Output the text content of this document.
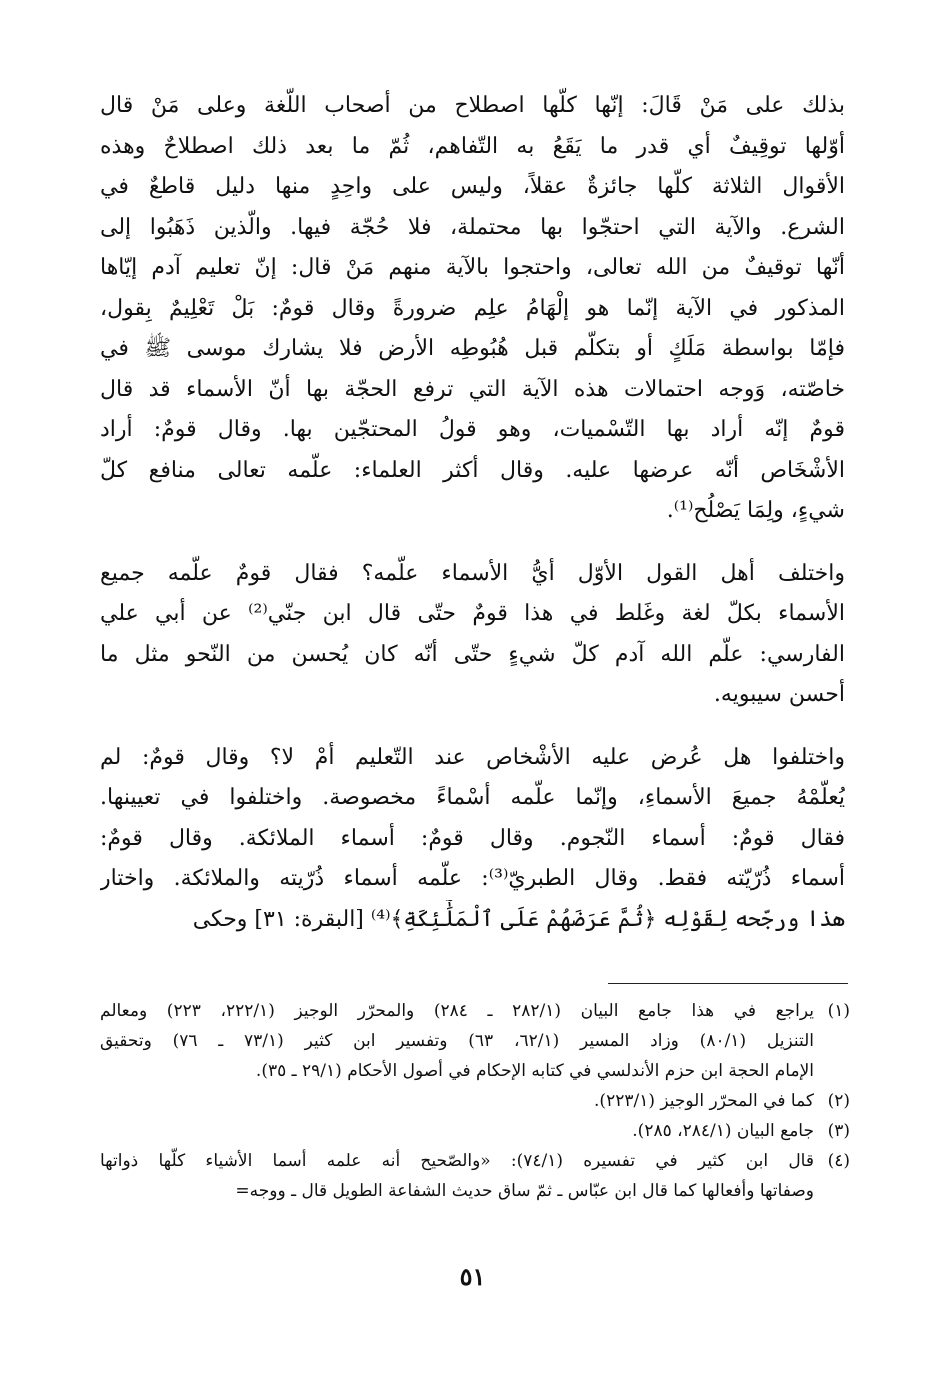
بذلك على مَنْ قَالَ: إنّها كلّها اصطلاح من أصحاب اللّغة وعلى مَنْ قال
أوّلها توقِيفٌ أي قدر ما يَقَعُ به التّفاهم، ثُمّ ما بعد ذلك اصطلاحٌ وهذه
الأقوال الثلاثة كلّها جائزةٌ عقلاً، وليس على واحِدٍ منها دليل قاطعٌ في
الشرع. والآية التي احتجّوا بها محتملة، فلا حُجّة فيها. والّذين ذَهَبُوا إلى
أنّها توقيفٌ من الله تعالى، واحتجوا بالآية منهم مَنْ قال: إنّ تعليم آدم إيّاها
المذكور في الآية إنّما هو إلْهَامُ علِم ضرورةً وقال قومٌ: بَلْ تَعْلِيمٌ بِقول،
فإمّا بواسطة مَلَكٍ أو بتكلّم قبل هُبُوطِه الأرض فلا يشارك موسى ﷺ في
خاصّته، وَوجه احتمالات هذه الآية التي ترفع الحجّة بها أنّ الأسماء قد قال
قومٌ إنّه أراد بها التّسْميات، وهو قولُ المحتجّين بها. وقال قومٌ: أراد
الأشْخَاص أنّه عرضها عليه. وقال أكثر العلماء: علّمه تعالى منافع كلّ
شيءٍ، ولِمَا يَصْلُح⁽¹⁾.
واختلف أهل القول الأوّل أيُّ الأسماء علّمه؟ فقال قومٌ علّمه جميع
الأسماء بكلّ لغة وغَلط في هذا قومٌ حتّى قال ابن جنّي⁽²⁾ عن أبي علي
الفارسي: علّم الله آدم كلّ شيءٍ حتّى أنّه كان يُحسن من النّحو مثل ما
أحسن سيبويه.
واختلفوا هل عُرض عليه الأشْخاص عند التّعليم أمْ لا؟ وقال قومٌ: لم
يُعلّمْهُ جميعَ الأسماءِ، وإنّما علّمه أسْماءً مخصوصة. واختلفوا في تعيينها.
فقال قومٌ: أسماء النّجوم. وقال قومٌ: أسماء الملائكة. وقال قومٌ:
أسماء ذُرّيّته فقط. وقال الطبريّ⁽³⁾: علّمه أسماء ذُرّيته والملائكة. واختار
هذا ورجّحه لِقَوْلِه ﴿ثُمَّ عَرَضَهُمْ عَلَى ٱلْمَلَٰٓئِكَةِ﴾⁽⁴⁾ [البقرة: ٣١] وحكى
(١)
يراجع في هذا جامع البيان (٢٨٢/١ ـ ٢٨٤) والمحرّر الوجيز (٢٢٢/١، ٢٢٣) ومعالم
التنزيل (٨٠/١) وزاد المسير (٦٢/١، ٦٣) وتفسير ابن كثير (٧٣/١ ـ ٧٦) وتحقيق
الإمام الحجة ابن حزم الأندلسي في كتابه الإحكام في أصول الأحكام (٢٩/١ ـ ٣٥).
(٢)
كما في المحرّر الوجيز (٢٢٣/١).
(٣)
جامع البيان (٢٨٤/١، ٢٨٥).
(٤)
قال ابن كثير في تفسيره (٧٤/١): «والصّحيح أنه علمه أسما الأشياء كلّها ذواتها
وصفاتها وأفعالها كما قال ابن عبّاس ـ ثمّ ساق حديث الشفاعة الطويل قال ـ ووجه=
٥١
